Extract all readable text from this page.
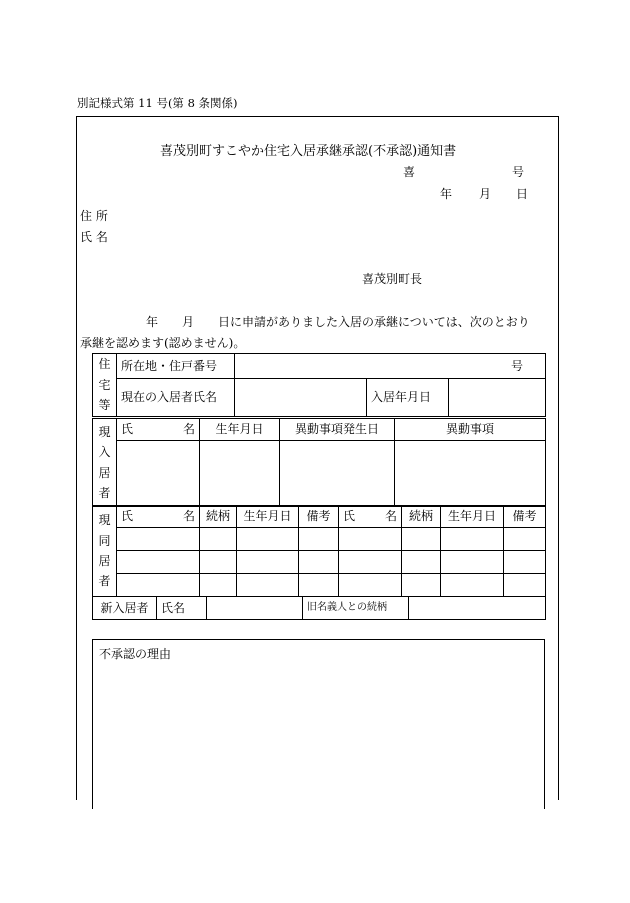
別記様式第 11 号(第 8 条関係)
喜茂別町すこやか住宅入居承継承認(不承認)通知書
喜	号
年 月 日
住 所
氏 名
喜茂別町長
年　　月　　日に申請がありました入居の承継については、次のとおり
承継を認めます(認めません)。
住
宅
等	所在地・住戸番号	号		
	現在の入居者氏名		入居年月日	
現
入
居
者	氏 名	生年月日	異動事項発生日	異動事項

現
同
居
者	氏 名	続柄	生年月日	備考	氏 名	続柄	生年月日	備考

新入居者	氏名		旧名義人との続柄	
不承認の理由
